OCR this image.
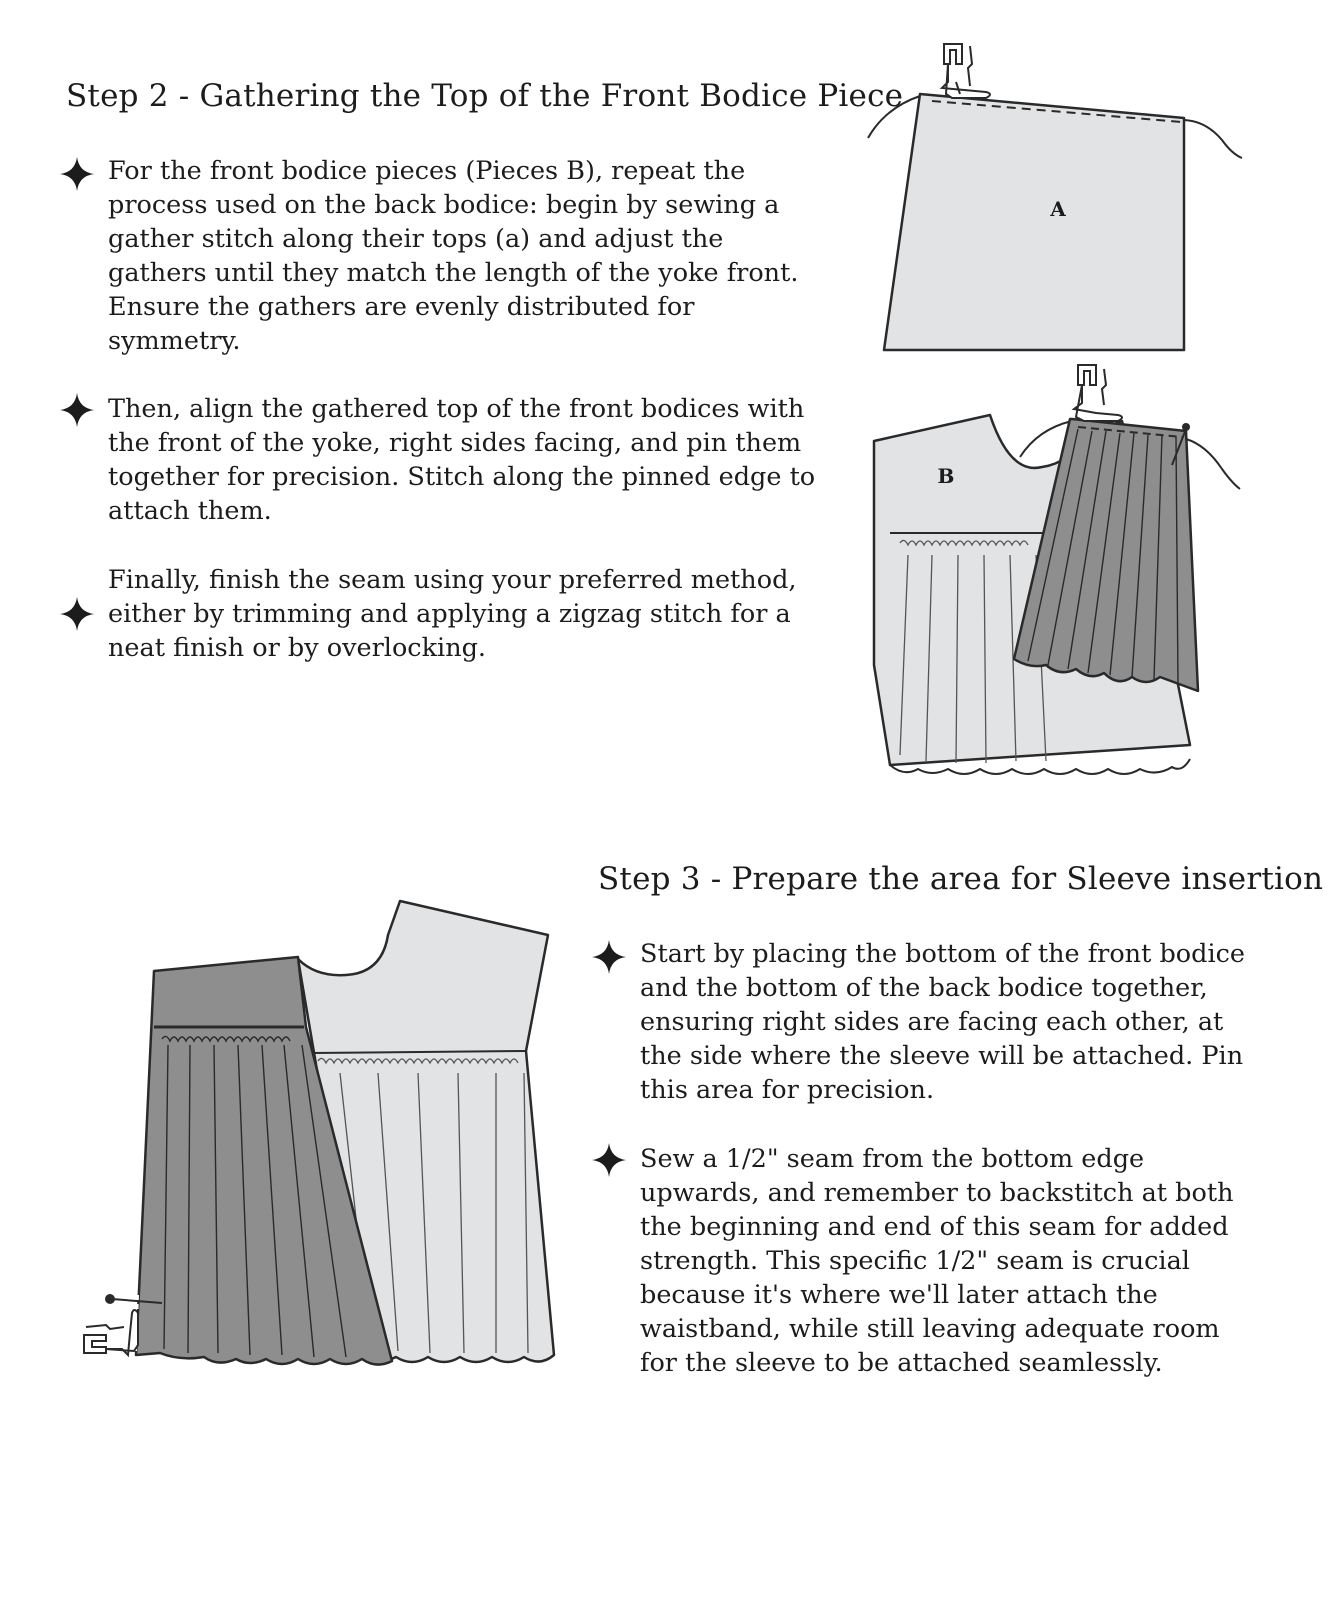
Step 2 - Gathering the Top of the Front Bodice Piece

For the front bodice pieces (Pieces B), repeat the
process used on the back bodice: begin by sewing a
gather stitch along their tops (a) and adjust the
gathers until they match the length of the yoke front.
Ensure the gathers are evenly distributed for
symmetry.

Then, align the gathered top of the front bodices with
the front of the yoke, right sides facing, and pin them
together for precision. Stitch along the pinned edge to
attach them.

Finally, finish the seam using your preferred method,
either by trimming and applying a zigzag stitch for a
neat finish or by overlocking.

A
B
Step 3 - Prepare the area for Sleeve insertion

Start by placing the bottom of the front bodice
and the bottom of the back bodice together,
ensuring right sides are facing each other, at
the side where the sleeve will be attached. Pin
this area for precision.

Sew a 1/2" seam from the bottom edge
upwards, and remember to backstitch at both
the beginning and end of this seam for added
strength. This specific 1/2" seam is crucial
because it's where we'll later attach the
waistband, while still leaving adequate room
for the sleeve to be attached seamlessly.
